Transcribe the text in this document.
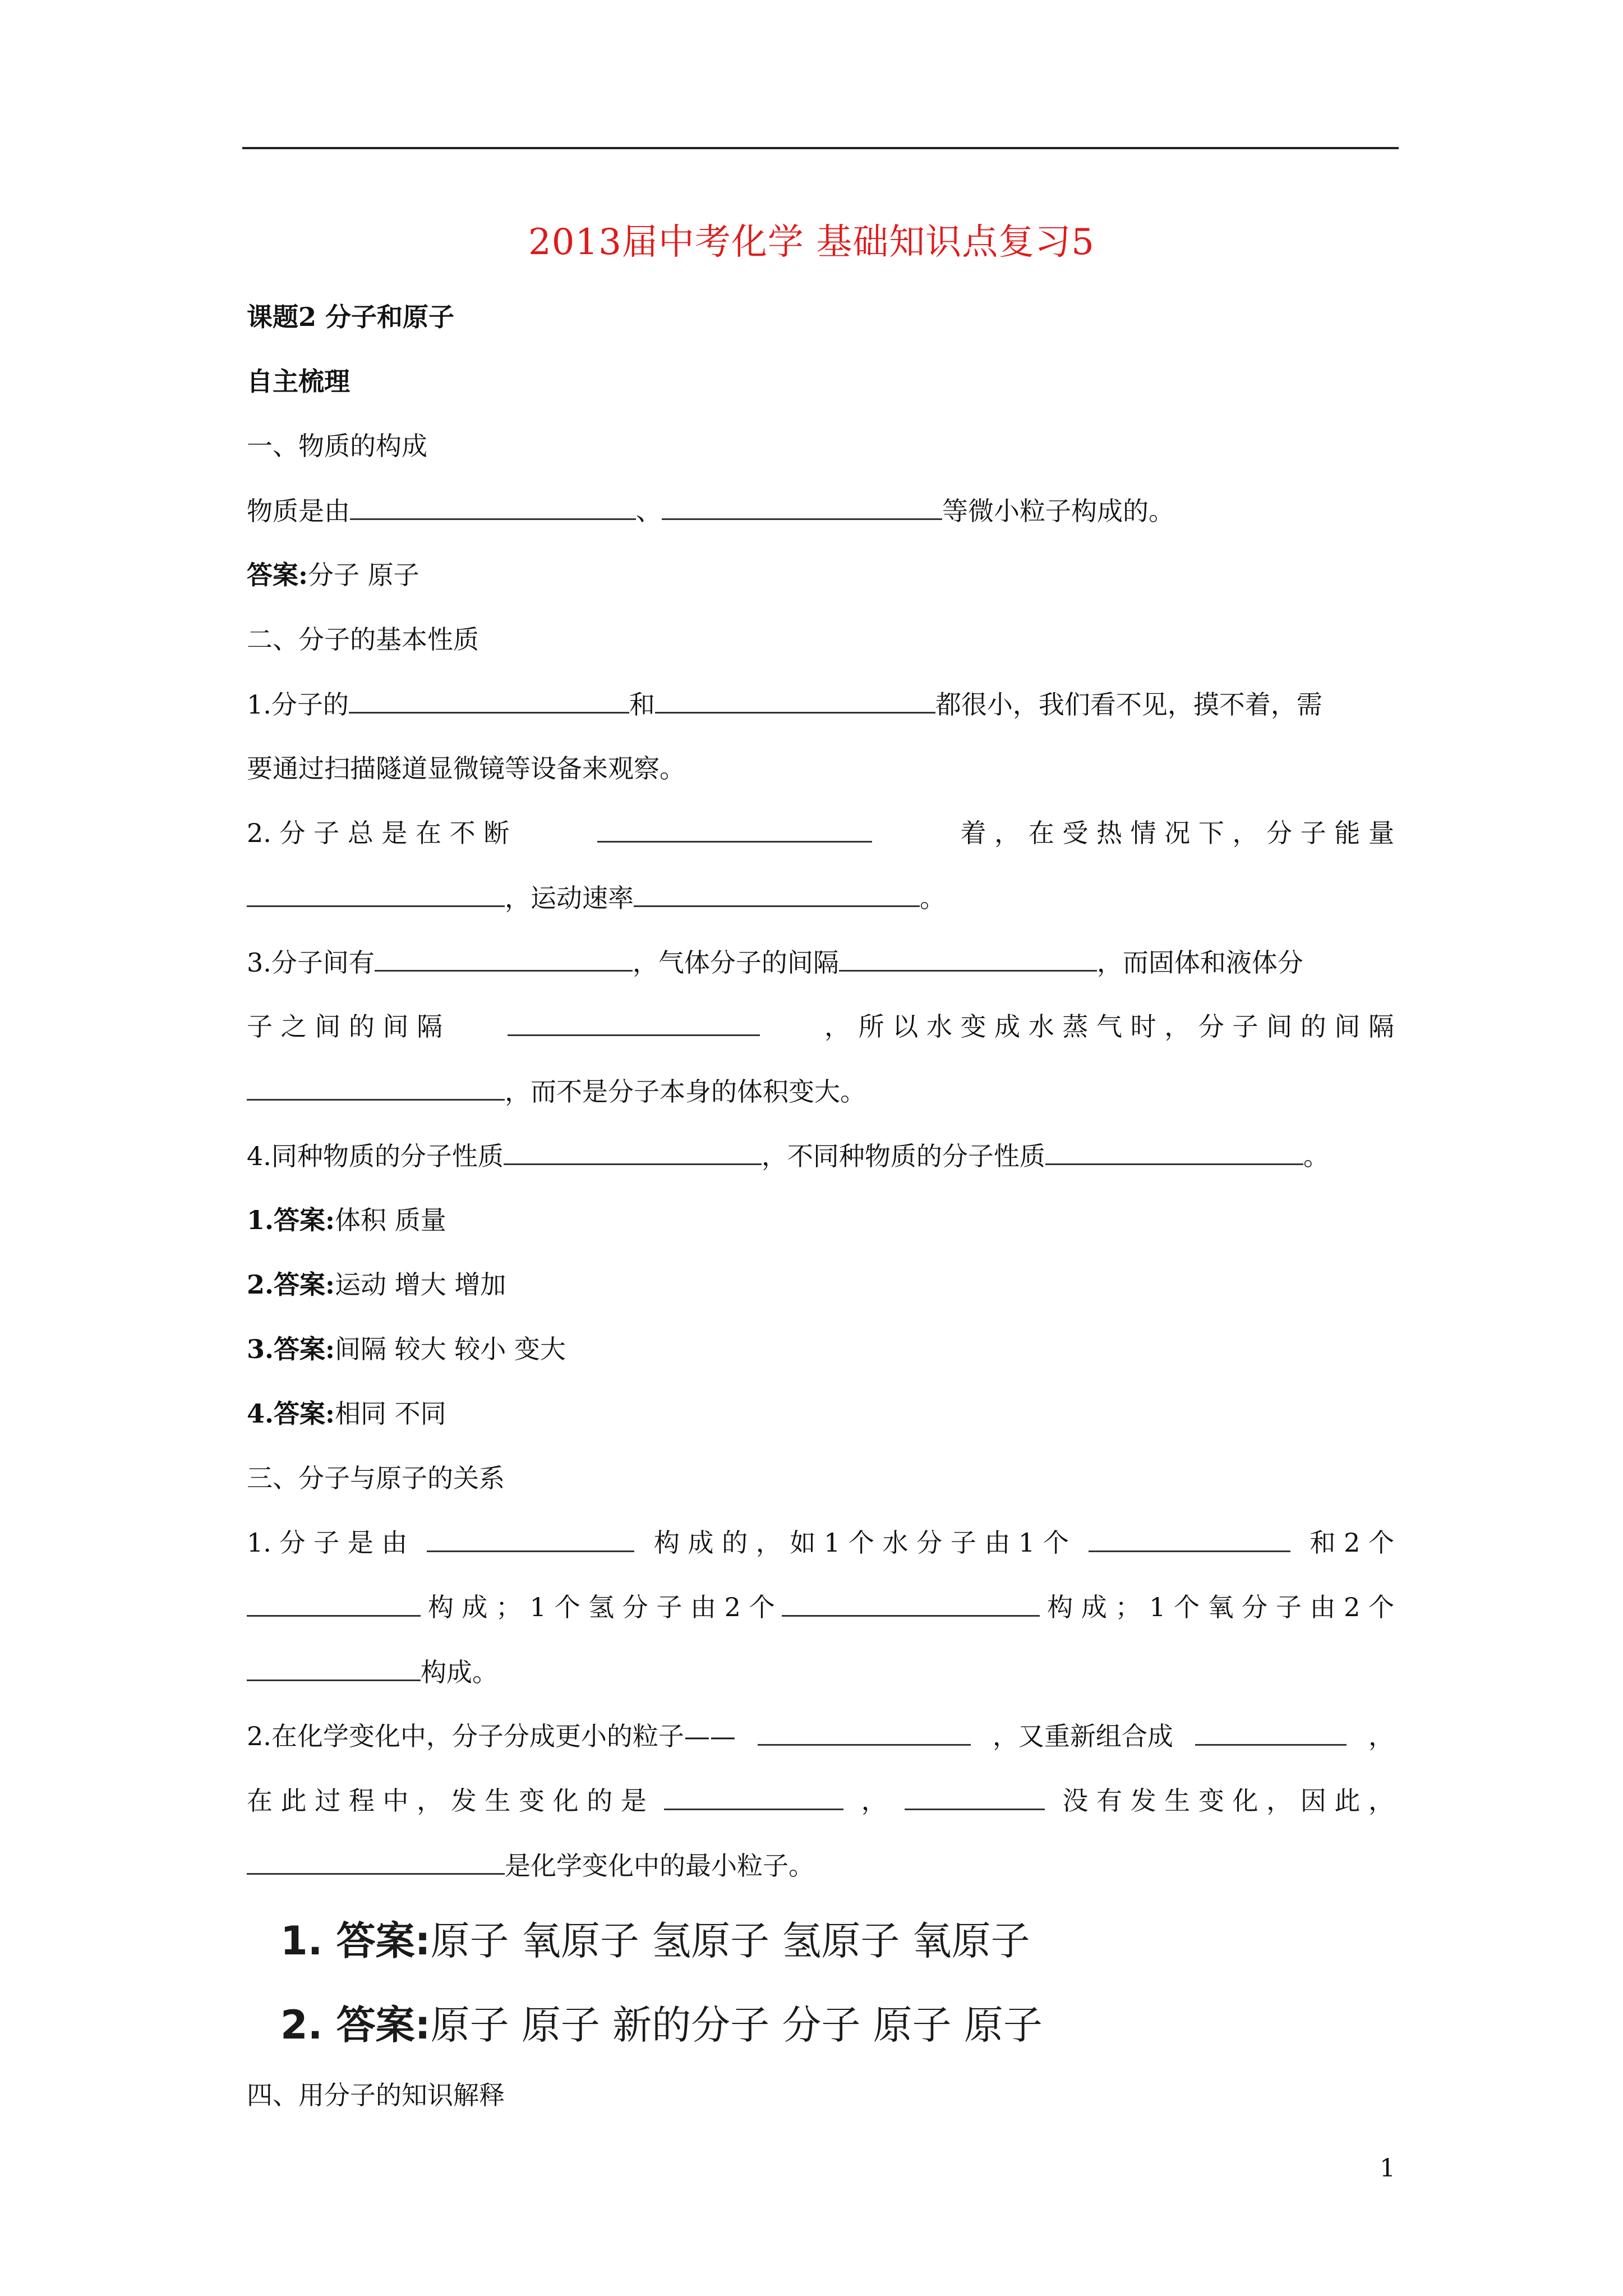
2013届中考化学 基础知识点复习5
课题2 分子和原子
自主梳理
一、物质的构成
物质是由	、	等微小粒子构成的。
答案:分子 原子
二、分子的基本性质
1.分子的	和	都很小，我们看不见，摸不着，需
要通过扫描隧道显微镜等设备来观察。
2. 分 子 总 是 在 不 断	着 ， 在 受 热 情 况 下 ， 分 子 能 量
，运动速率	。
3.分子间有	，气体分子的间隔	，而固体和液体分
子 之 间 的 间 隔	， 所 以 水 变 成 水 蒸 气 时 ， 分 子 间 的 间 隔
，而不是分子本身的体积变大。
4.同种物质的分子性质	，不同种物质的分子性质	。
1.答案:体积 质量
2.答案:运动 增大 增加
3.答案:间隔 较大 较小 变大
4.答案:相同 不同
三、分子与原子的关系
1. 分 子 是 由	构 成 的 ， 如 1 个 水 分 子 由 1 个	和 2 个
构 成 ； 1 个 氢 分 子 由 2 个	构 成 ； 1 个 氧 分 子 由 2 个
构成。
2.在化学变化中，分子分成更小的粒子——	，又重新组合成	，
在 此 过 程 中 ， 发 生 变 化 的 是	，	没 有 发 生 变 化 ， 因 此 ，
是化学变化中的最小粒子。
1. 答案:原子 氧原子 氢原子 氢原子 氧原子
2. 答案:原子 原子 新的分子 分子 原子 原子
四、用分子的知识解释
1
